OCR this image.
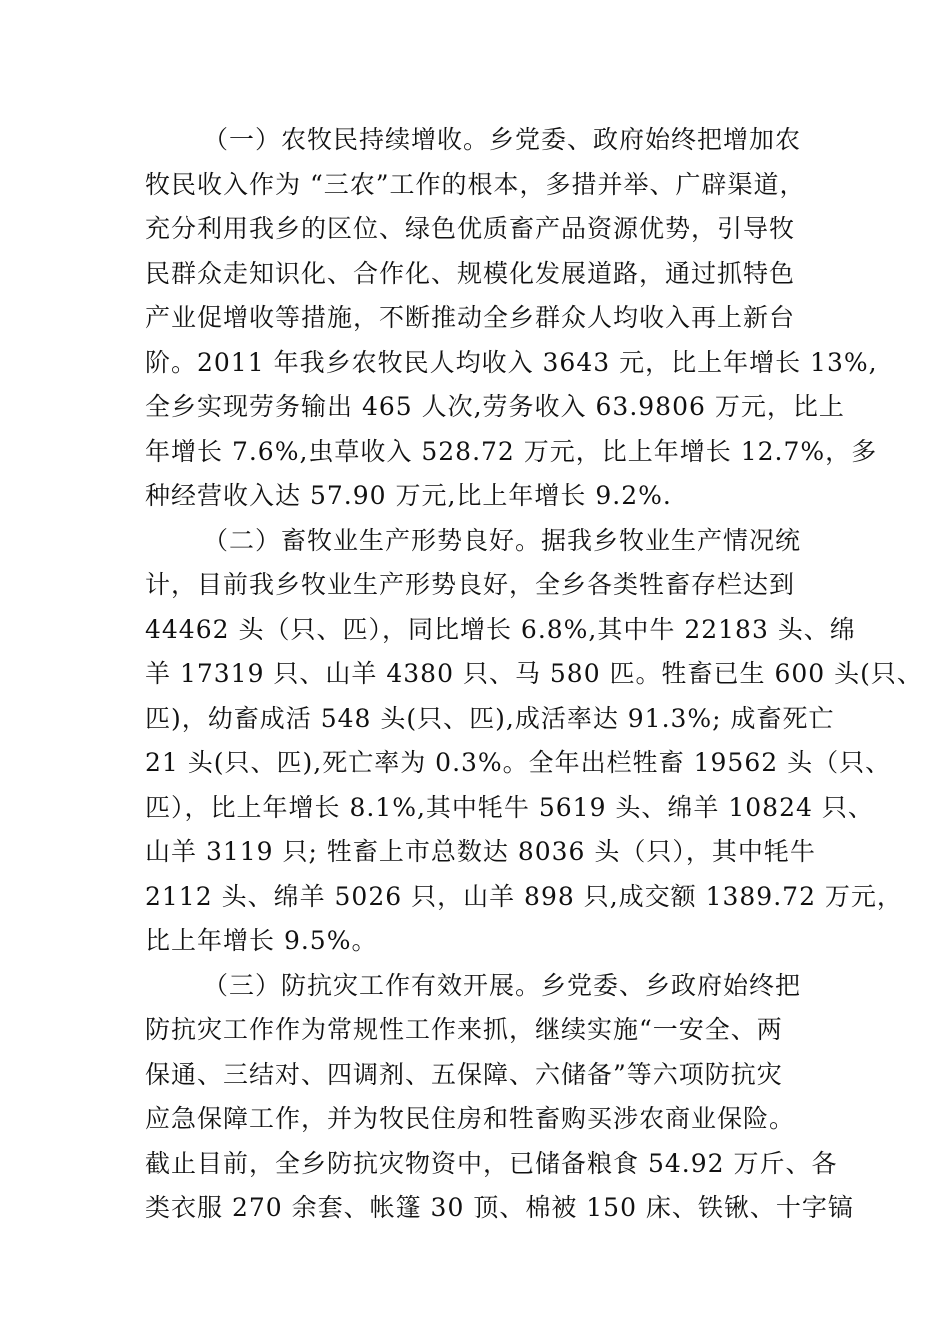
（一）农牧民持续增收。乡党委、政府始终把增加农
牧民收入作为 “三农”工作的根本，多措并举、广辟渠道，
充分利用我乡的区位、绿色优质畜产品资源优势，引导牧
民群众走知识化、合作化、规模化发展道路，通过抓特色
产业促增收等措施，不断推动全乡群众人均收入再上新台
阶。2011 年我乡农牧民人均收入 3643 元，比上年增长 13%,
全乡实现劳务输出 465 人次,劳务收入 63.9806 万元，比上
年增长 7.6%,虫草收入 528.72 万元，比上年增长 12.7%，多
种经营收入达 57.90 万元,比上年增长 9.2%.
（二）畜牧业生产形势良好。据我乡牧业生产情况统
计，目前我乡牧业生产形势良好，全乡各类牲畜存栏达到
44462 头（只、匹），同比增长 6.8%,其中牛 22183 头、绵
羊 17319 只、山羊 4380 只、马 580 匹。牲畜已生 600 头(只、
匹)，幼畜成活 548 头(只、匹),成活率达 91.3%; 成畜死亡
21 头(只、匹),死亡率为 0.3%。全年出栏牲畜 19562 头（只、
匹），比上年增长 8.1%,其中牦牛 5619 头、绵羊 10824 只、
山羊 3119 只; 牲畜上市总数达 8036 头（只），其中牦牛
2112 头、绵羊 5026 只，山羊 898 只,成交额 1389.72 万元，
比上年增长 9.5%。
（三）防抗灾工作有效开展。乡党委、乡政府始终把
防抗灾工作作为常规性工作来抓，继续实施“一安全、两
保通、三结对、四调剂、五保障、六储备”等六项防抗灾
应急保障工作，并为牧民住房和牲畜购买涉农商业保险。
截止目前，全乡防抗灾物资中，已储备粮食 54.92 万斤、各
类衣服 270 余套、帐篷 30 顶、棉被 150 床、铁锹、十字镐
